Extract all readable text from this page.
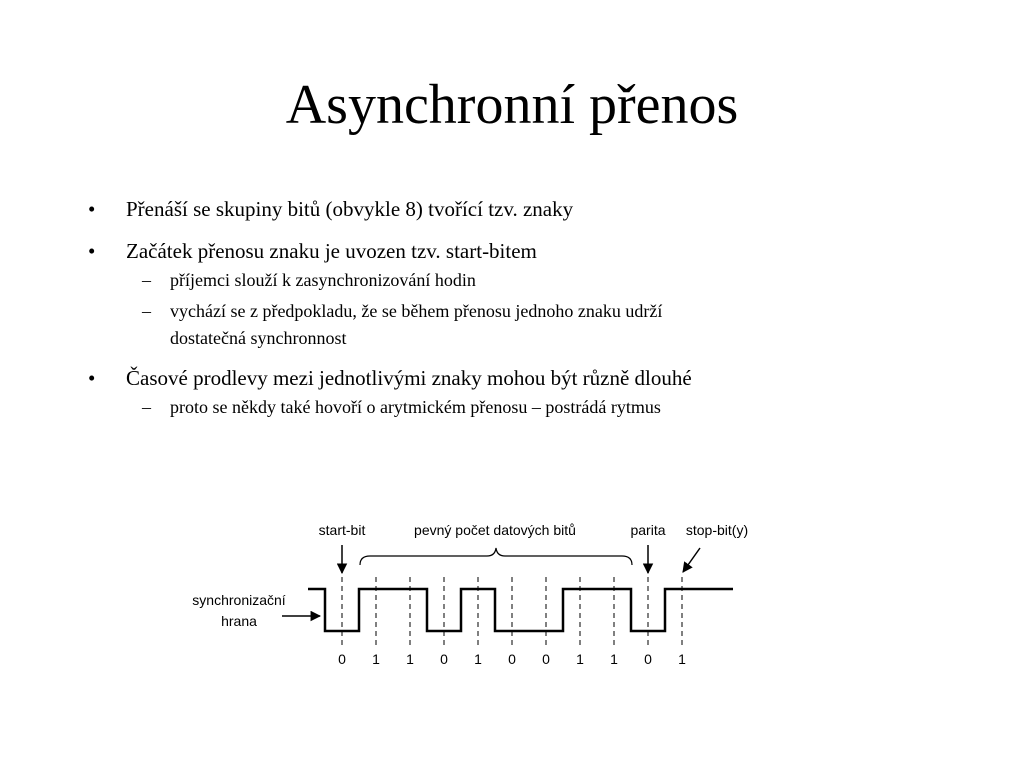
Asynchronní přenos
• Přenáší se skupiny bitů (obvykle 8) tvořící tzv. znaky
• Začátek přenosu znaku je uvozen tzv. start-bitem
– příjemci slouží k zasynchronizování hodin
– vychází se z předpokladu, že se během přenosu jednoho znaku udrží
dostatečná synchronnost
• Časové prodlevy mezi jednotlivými znaky mohou být různě dlouhé
– proto se někdy také hovoří o arytmickém přenosu – postrádá rytmus
start-bit	pevný počet datových bitů	parita stop-bit(y)
synchronizační
hrana
0 1 1 0 1 0 0 1 1 0 1
